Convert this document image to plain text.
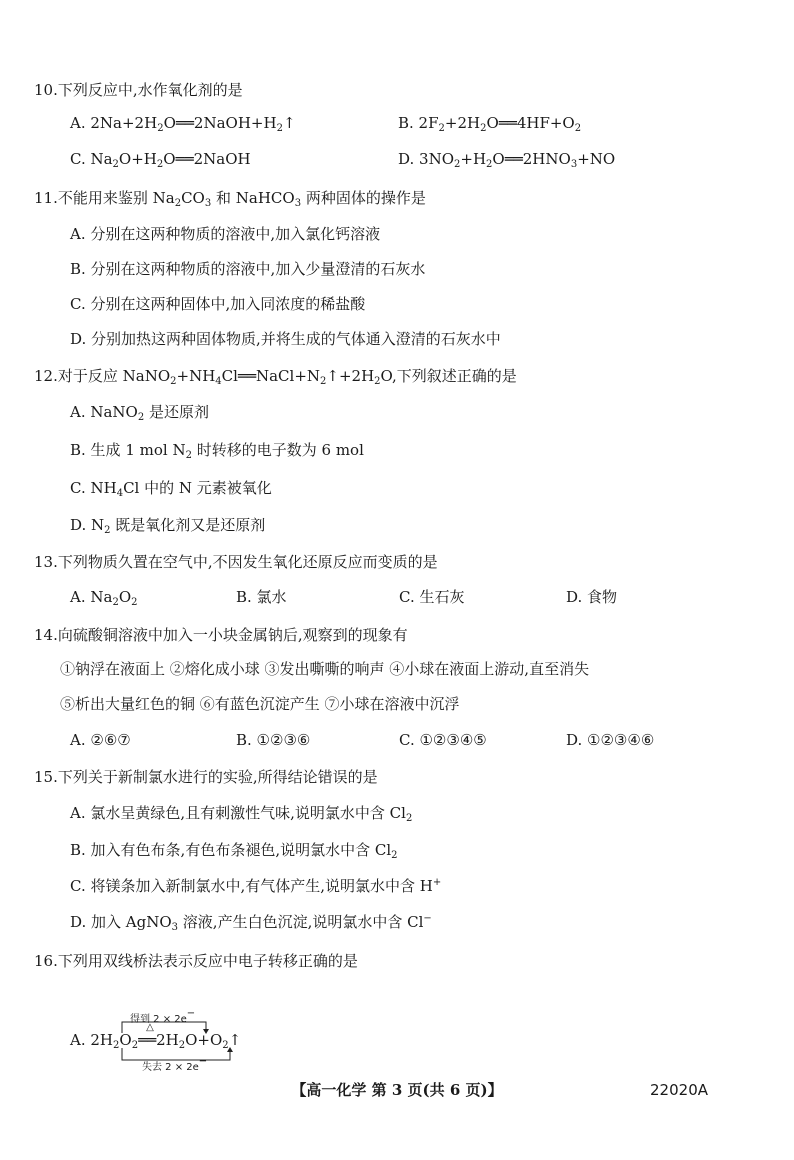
10.下列反应中,水作氧化剂的是
A. $2Na+2H_2O══2NaOH+H_2↑$	B. $2F_2+2H_2O══4HF+O_2$
C. $Na_2O+H_2O══2NaOH$	D. $3NO_2+H_2O══2HNO_3+NO$
11.不能用来鉴别 $Na_2CO_3$ 和 NaHCO$_3$ 两种固体的操作是
A. 分别在这两种物质的溶液中,加入氯化钙溶液
B. 分别在这两种物质的溶液中,加入少量澄清的石灰水
C. 分别在这两种固体中,加入同浓度的稀盐酸
D. 分别加热这两种固体物质,并将生成的气体通入澄清的石灰水中
12.对于反应 $NaNO_2+NH_4Cl══NaCl+N_2↑+2H_2O$,下列叙述正确的是
A. NaNO$_2$ 是还原剂
B. 生成 1 mol $N_2$ 时转移的电子数为 6 mol
C. $NH_4Cl$ 中的 N 元素被氧化
D. $N_2$ 既是氧化剂又是还原剂
13.下列物质久置在空气中,不因发生氧化还原反应而变质的是
A. $Na_2O_2$	B. 氯水	C. 生石灰	D. 食物
14.向硫酸铜溶液中加入一小块金属钠后,观察到的现象有
①钠浮在液面上 ②熔化成小球 ③发出嘶嘶的响声 ④小球在液面上游动,直至消失
⑤析出大量红色的铜 ⑥有蓝色沉淀产生 ⑦小球在溶液中沉浮
A. ②⑥⑦	B. ①②③⑥	C. ①②③④⑤	D. ①②③④⑥
15.下列关于新制氯水进行的实验,所得结论错误的是
A. 氯水呈黄绿色,且有刺激性气味,说明氯水中含 $Cl_2$
B. 加入有色布条,有色布条褪色,说明氯水中含 $Cl_2$
C. 将镁条加入新制氯水中,有气体产生,说明氯水中含 H+
D. 加入 AgNO$_3$ 溶液,产生白色沉淀,说明氯水中含 Cl−
16.下列用双线桥法表示反应中电子转移正确的是
得到 2 × 2e−
A. $2H_2O_2$
△
$══2H_2O+O_2↑$
失去 2 × 2e−
【高一化学 第 3 页(共 6 页)】	22020A
